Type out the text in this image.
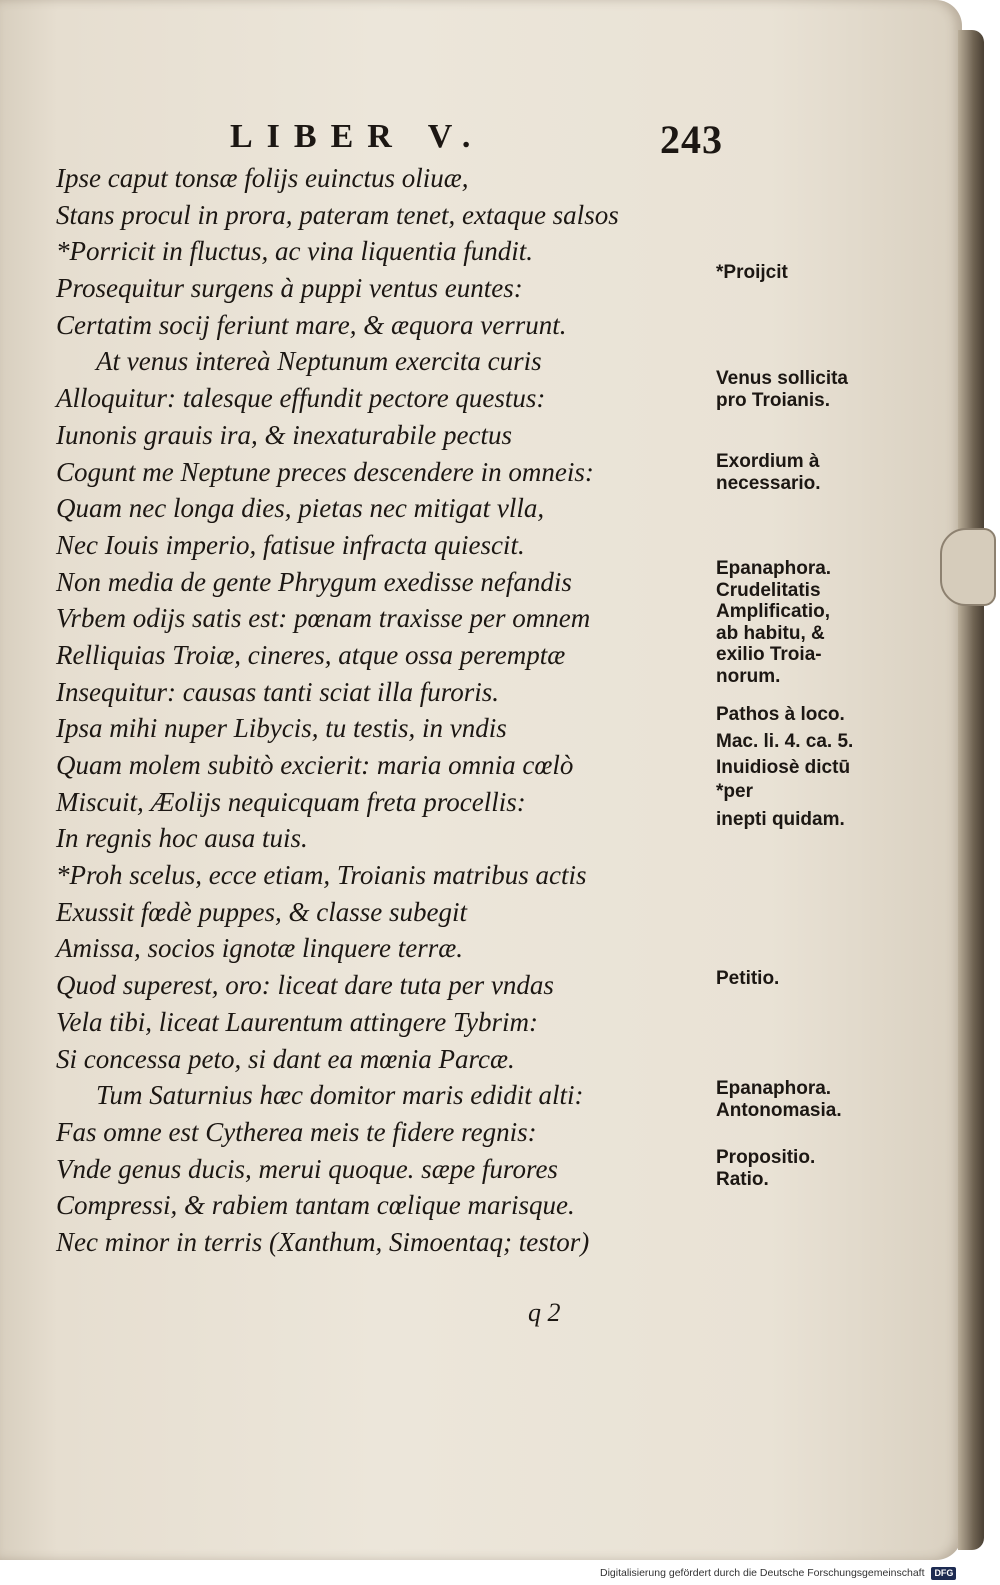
LIBER V.	243
Ipse caput tonsæ folijs euinctus oliuæ,
Stans procul in prora, pateram tenet, extaque salsos
*Porricit in fluctus, ac vina liquentia fundit.
Prosequitur surgens à puppi ventus euntes:
Certatim socij feriunt mare, & æquora verrunt.
At venus intereà Neptunum exercita curis
Alloquitur: talesque effundit pectore questus:
Iunonis grauis ira, & inexaturabile pectus
Cogunt me Neptune preces descendere in omneis:
Quam nec longa dies, pietas nec mitigat vlla,
Nec Iouis imperio, fatisue infracta quiescit.
Non media de gente Phrygum exedisse nefandis
Vrbem odijs satis est: pœnam traxisse per omnem
Relliquias Troiæ, cineres, atque ossa peremptæ
Insequitur: causas tanti sciat illa furoris.
Ipsa mihi nuper Libycis, tu testis, in vndis
Quam molem subitò excierit: maria omnia cœlò
Miscuit, Æolijs nequicquam freta procellis:
In regnis hoc ausa tuis.
*Proh scelus, ecce etiam, Troianis matribus actis
Exussit fœdè puppes, & classe subegit
Amissa, socios ignotæ linquere terræ.
Quod superest, oro: liceat dare tuta per vndas
Vela tibi, liceat Laurentum attingere Tybrim:
Si concessa peto, si dant ea mœnia Parcæ.
Tum Saturnius hæc domitor maris edidit alti:
Fas omne est Cytherea meis te fidere regnis:
Vnde genus ducis, merui quoque. sæpe furores
Compressi, & rabiem tantam cœlique marisque.
Nec minor in terris (Xanthum, Simoentaq; testor)
*Proijcit
Venus sollicita
pro Troianis.
Exordium à
necessario.
Epanaphora.
Crudelitatis
Amplificatio,
ab habitu, &
exilio Troia-
norum.
Pathos à loco.
Mac. li. 4. ca. 5.
Inuidiosè dictū
*per
inepti quidam.
Petitio.
Epanaphora.
Antonomasia.
Propositio.
Ratio.
q 2
Digitalisierung gefördert durch die Deutsche Forschungsgemeinschaft DFG
